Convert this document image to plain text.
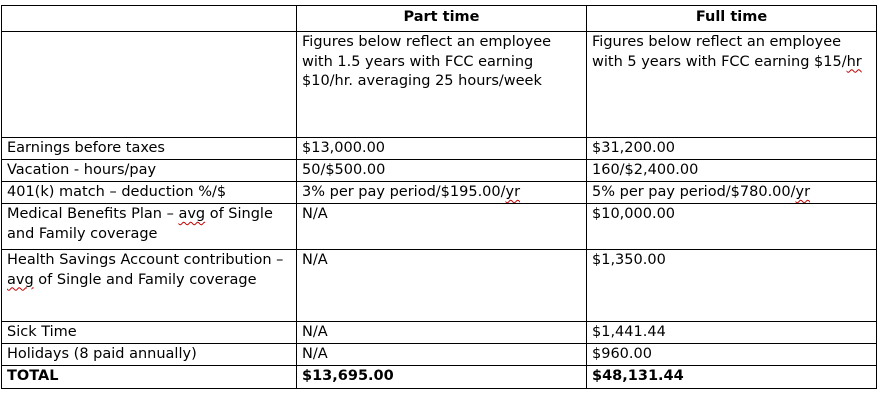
	Part time	Full time
	Figures below reflect an employee with 1.5 years with FCC earning $10/hr. averaging 25 hours/week	Figures below reflect an employee with 5 years with FCC earning $15/hr
Earnings before taxes	$13,000.00	$31,200.00
Vacation - hours/pay	50/$500.00	160/$2,400.00
401(k) match – deduction %/$	3% per pay period/$195.00/yr	5% per pay period/$780.00/yr
Medical Benefits Plan – avg of Single and Family coverage	N/A	$10,000.00
Health Savings Account contribution – avg of Single and Family coverage	N/A	$1,350.00
Sick Time	N/A	$1,441.44
Holidays (8 paid annually)	N/A	$960.00
TOTAL	$13,695.00	$48,131.44
